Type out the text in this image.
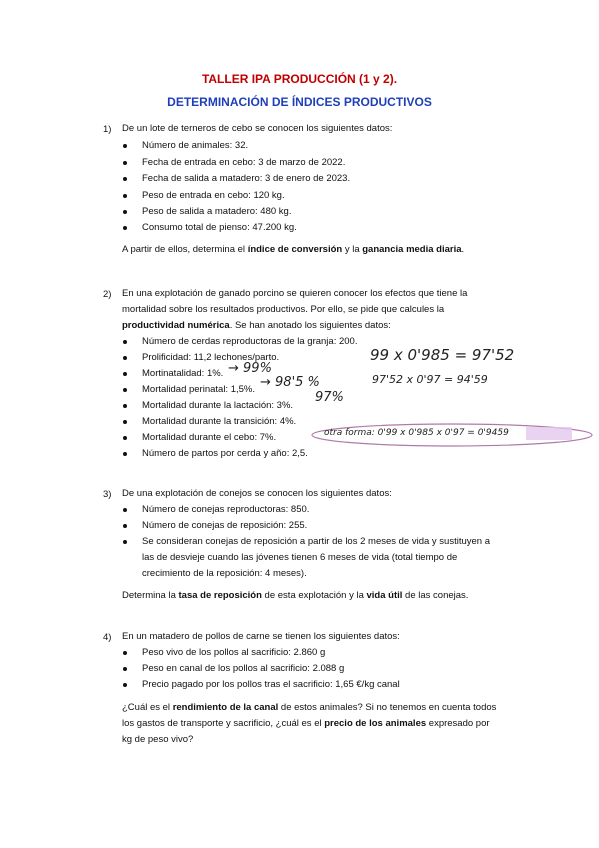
TALLER IPA PRODUCCIÓN (1 y 2).
DETERMINACIÓN DE ÍNDICES PRODUCTIVOS
1) De un lote de terneros de cebo se conocen los siguientes datos:
Número de animales: 32.
Fecha de entrada en cebo: 3 de marzo de 2022.
Fecha de salida a matadero: 3 de enero de 2023.
Peso de entrada en cebo: 120 kg.
Peso de salida a matadero: 480 kg.
Consumo total de pienso: 47.200 kg.
A partir de ellos, determina el índice de conversión y la ganancia media diaria.
2) En una explotación de ganado porcino se quieren conocer los efectos que tiene la
mortalidad sobre los resultados productivos. Por ello, se pide que calcules la
productividad numérica. Se han anotado los siguientes datos:
Número de cerdas reproductoras de la granja: 200.
Prolificidad: 11,2 lechones/parto.
Mortinatalidad: 1%.
Mortalidad perinatal: 1,5%.
Mortalidad durante la lactación: 3%.
Mortalidad durante la transición: 4%.
Mortalidad durante el cebo: 7%.
Número de partos por cerda y año: 2,5.
→ 99%
→ 98'5 %
97%
99 x 0'985 = 97'52
97'52 x 0'97 = 94'59
otra forma: 0'99 x 0'985 x 0'97 = 0'9459
3) De una explotación de conejos se conocen los siguientes datos:
Número de conejas reproductoras: 850.
Número de conejas de reposición: 255.
Se consideran conejas de reposición a partir de los 2 meses de vida y sustituyen a
las de desvieje cuando las jóvenes tienen 6 meses de vida (total tiempo de
crecimiento de la reposición: 4 meses).
Determina la tasa de reposición de esta explotación y la vida útil de las conejas.
4) En un matadero de pollos de carne se tienen los siguientes datos:
Peso vivo de los pollos al sacrificio: 2.860 g
Peso en canal de los pollos al sacrificio: 2.088 g
Precio pagado por los pollos tras el sacrificio: 1,65 €/kg canal
¿Cuál es el rendimiento de la canal de estos animales? Si no tenemos en cuenta todos
los gastos de transporte y sacrificio, ¿cuál es el precio de los animales expresado por
kg de peso vivo?
